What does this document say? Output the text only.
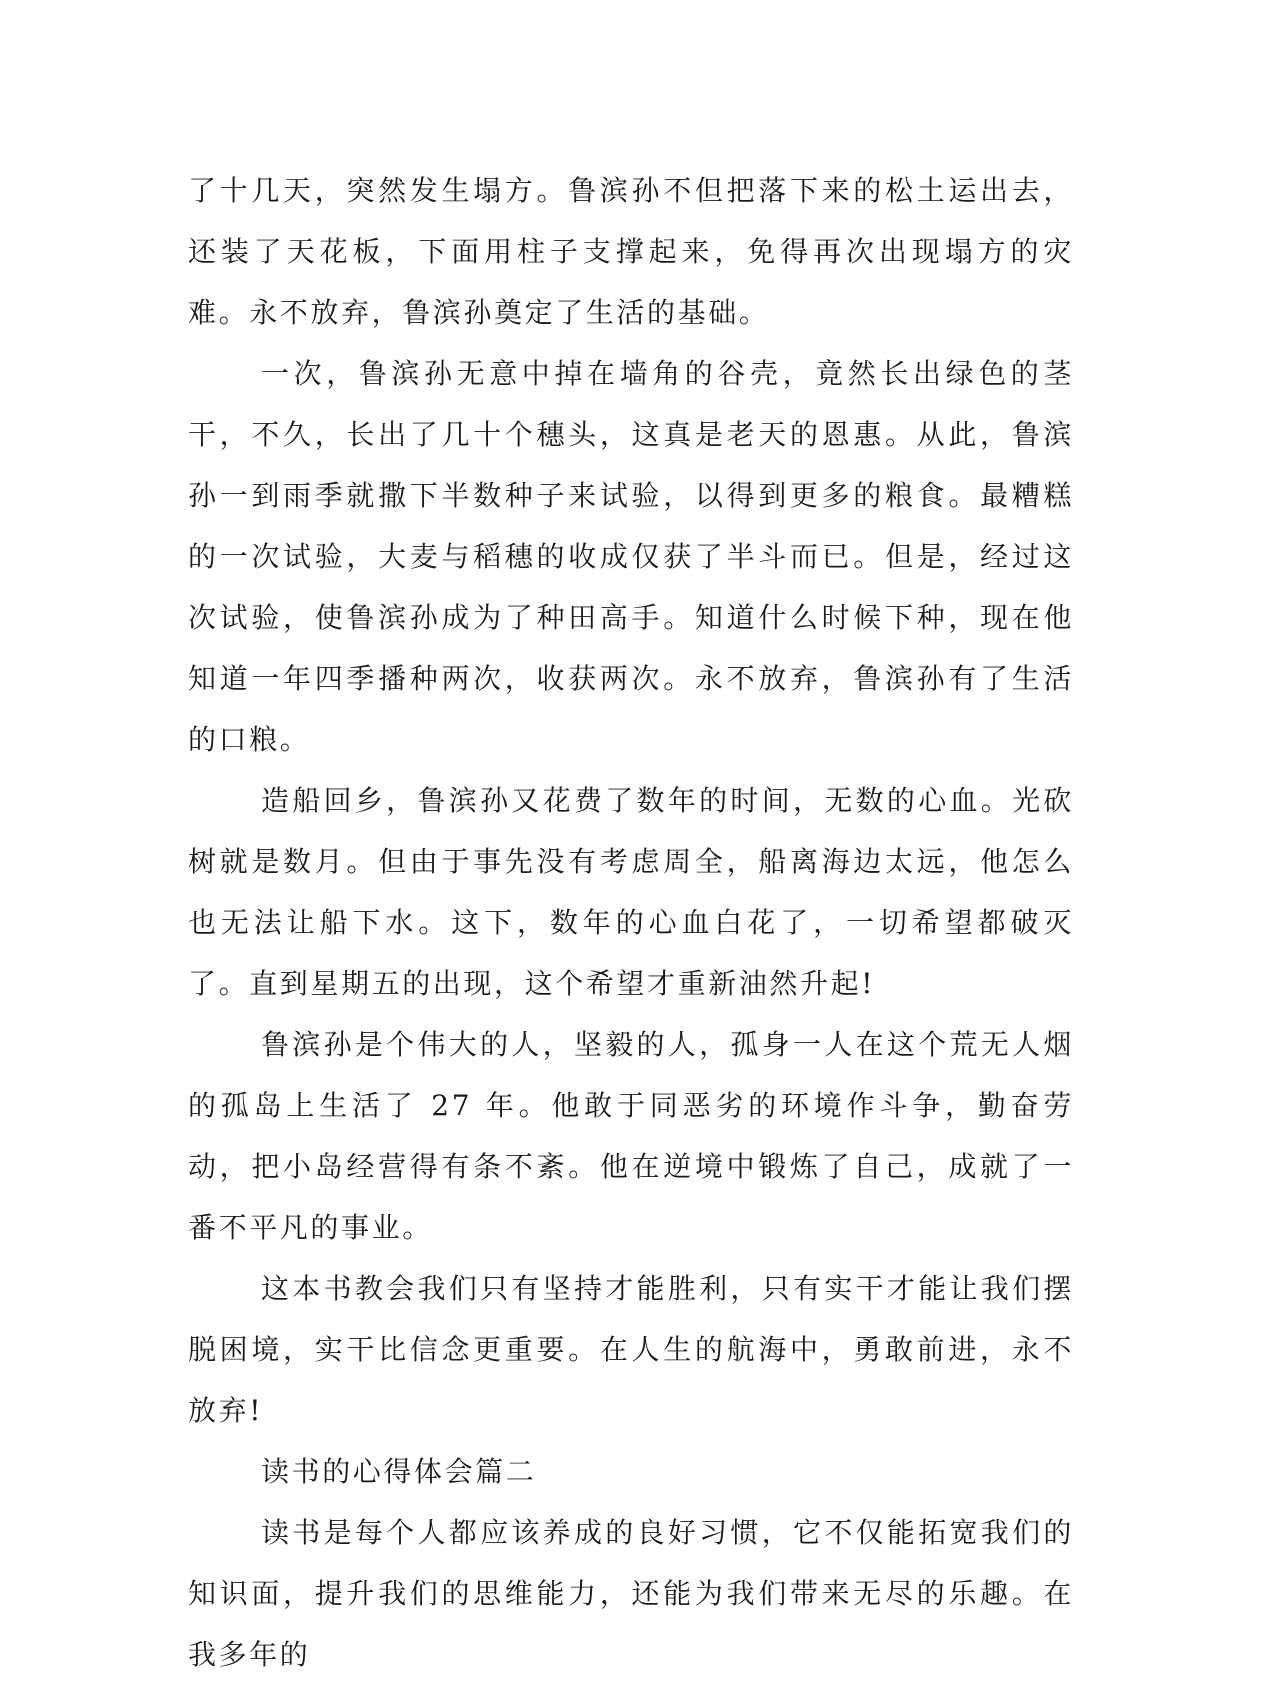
了十几天，突然发生塌方。鲁滨孙不但把落下来的松土运出去，还装了天花板，下面用柱子支撑起来，免得再次出现塌方的灾难。永不放弃，鲁滨孙奠定了生活的基础。

一次，鲁滨孙无意中掉在墙角的谷壳，竟然长出绿色的茎干，不久，长出了几十个穗头，这真是老天的恩惠。从此，鲁滨孙一到雨季就撒下半数种子来试验，以得到更多的粮食。最糟糕的一次试验，大麦与稻穗的收成仅获了半斗而已。但是，经过这次试验，使鲁滨孙成为了种田高手。知道什么时候下种，现在他知道一年四季播种两次，收获两次。永不放弃，鲁滨孙有了生活的口粮。

造船回乡，鲁滨孙又花费了数年的时间，无数的心血。光砍树就是数月。但由于事先没有考虑周全，船离海边太远，他怎么也无法让船下水。这下，数年的心血白花了，一切希望都破灭了。直到星期五的出现，这个希望才重新油然升起!

鲁滨孙是个伟大的人，坚毅的人，孤身一人在这个荒无人烟的孤岛上生活了 27 年。他敢于同恶劣的环境作斗争，勤奋劳动，把小岛经营得有条不紊。他在逆境中锻炼了自己，成就了一番不平凡的事业。

这本书教会我们只有坚持才能胜利，只有实干才能让我们摆脱困境，实干比信念更重要。在人生的航海中，勇敢前进，永不放弃!

读书的心得体会篇二

读书是每个人都应该养成的良好习惯，它不仅能拓宽我们的知识面，提升我们的思维能力，还能为我们带来无尽的乐趣。在我多年的
